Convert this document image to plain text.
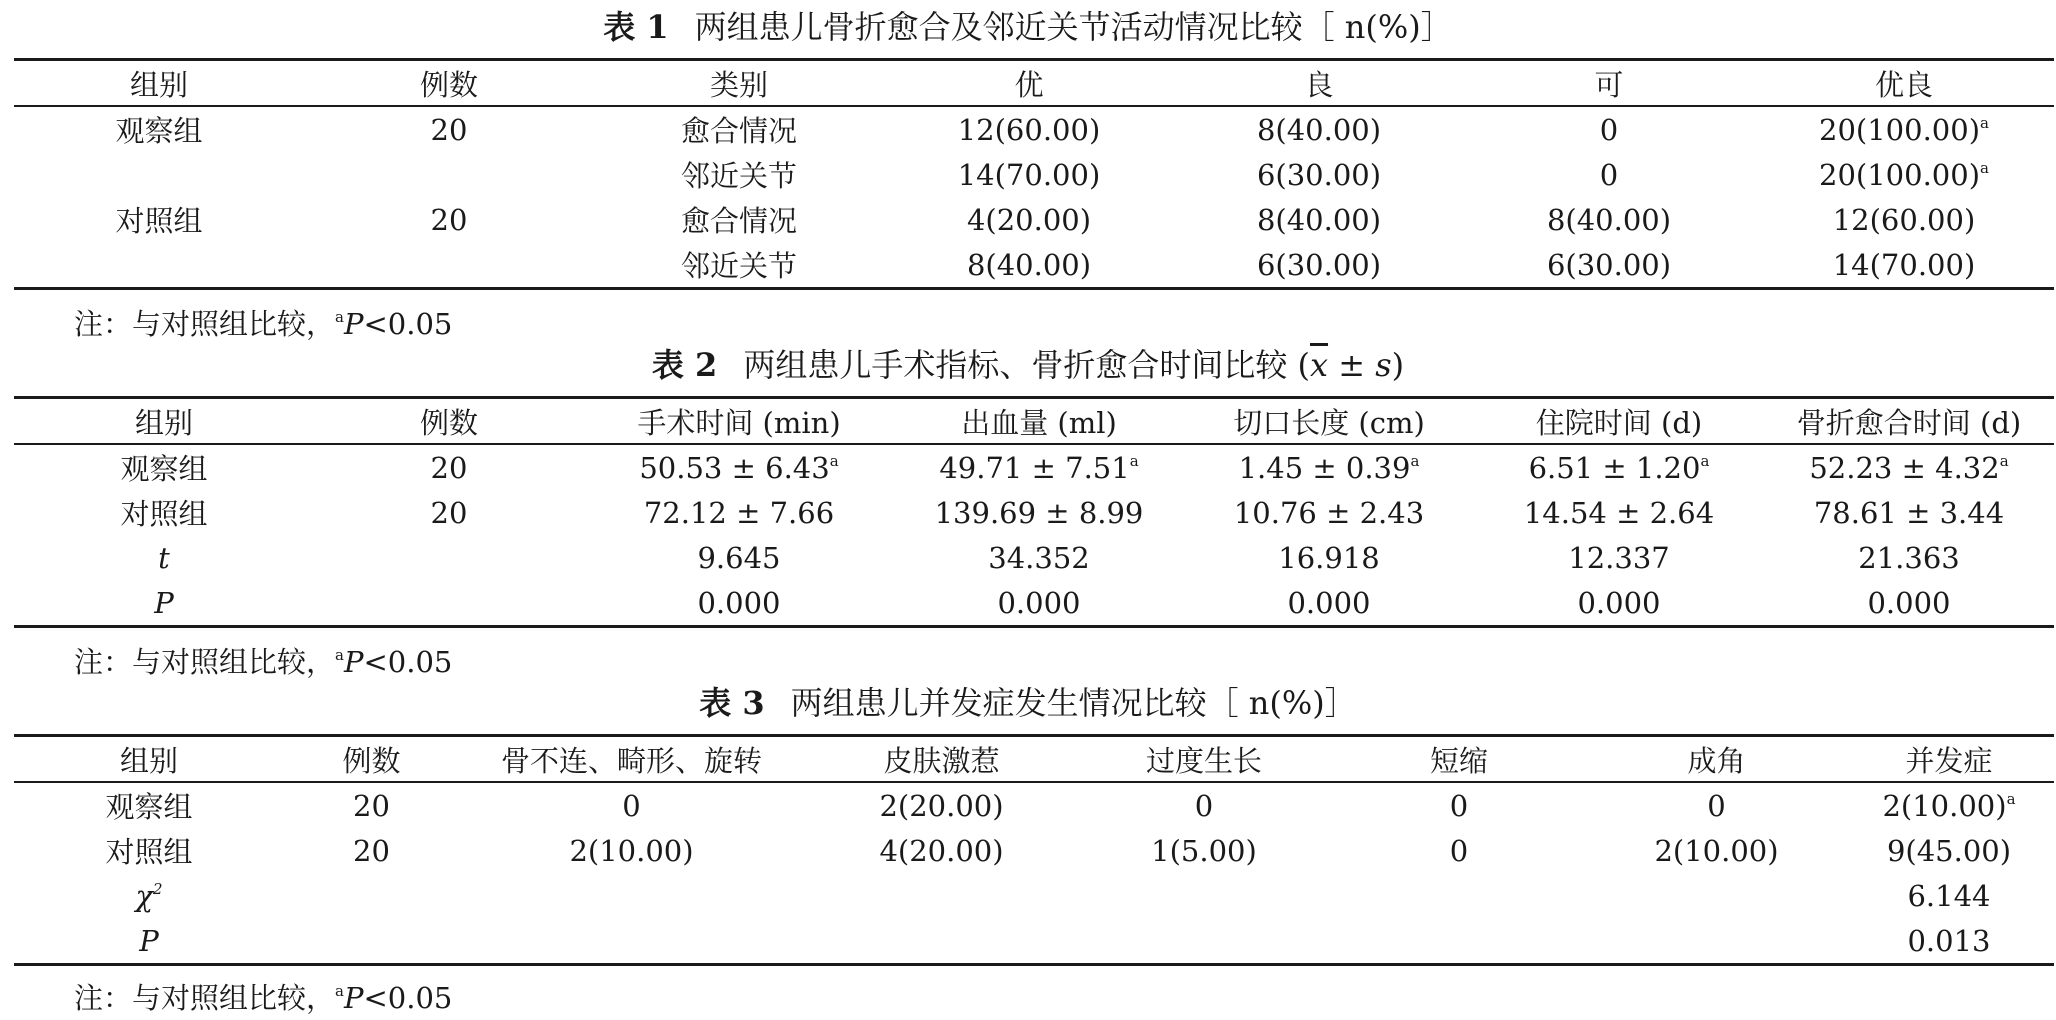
表 1 两组患儿骨折愈合及邻近关节活动情况比较［ n(%)］
组别	例数	类别	优	良	可	优良
观察组	20	愈合情况	12(60.00)	8(40.00)	0	$20(100.00)^a$
		邻近关节	14(70.00)	6(30.00)	0	$20(100.00)^a$
对照组	20	愈合情况	4(20.00)	8(40.00)	8(40.00)	12(60.00)
		邻近关节	8(40.00)	6(30.00)	6(30.00)	14(70.00)
注：与对照组比较，$^a$P<0.05
表 2 两组患儿手术指标、骨折愈合时间比较 $(\overline{x} \pm s)$
组别	例数	手术时间 (min)	出血量 (ml)	切口长度 (cm)	住院时间 (d)	骨折愈合时间 (d)
观察组	20	50.53 ± 6.43$^a$	49.71 ± 7.51$^a$	1.45 ± 0.39$^a$	6.51 ± 1.20$^a$	52.23 ± 4.32$^a$
对照组	20	72.12 ± 7.66	139.69 ± 8.99	10.76 ± 2.43	14.54 ± 2.64	78.61 ± 3.44
t		9.645	34.352	16.918	12.337	21.363
P		0.000	0.000	0.000	0.000	0.000
注：与对照组比较，$^a$P<0.05
表 3 两组患儿并发症发生情况比较［ n(%)］
组别	例数	骨不连、畸形、旋转	皮肤激惹	过度生长	短缩	成角	并发症
观察组	20	0	2(20.00)	0	0	0	$2(10.00)^a$
对照组	20	2(10.00)	4(20.00)	1(5.00)	0	2(10.00)	9(45.00)
$\chi^2$							6.144
P							0.013
注：与对照组比较，$^a$P<0.05
